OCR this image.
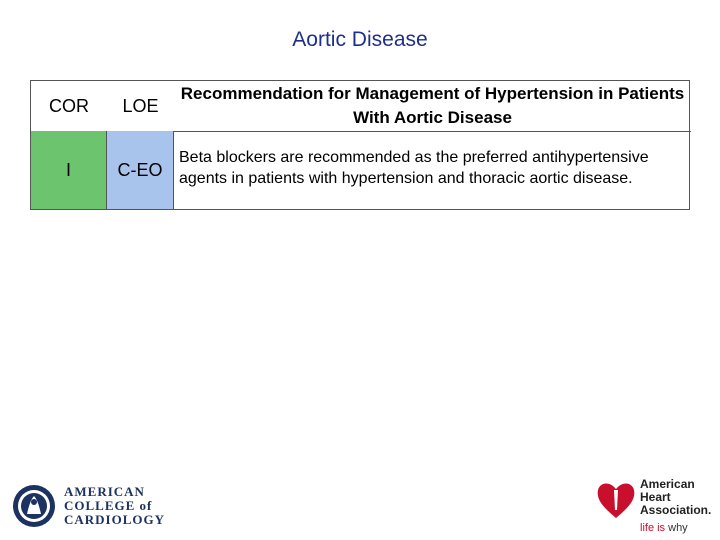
Aortic Disease
COR	LOE
Recommendation for Management of Hypertension in Patients With Aortic Disease
I	C-EO
Beta blockers are recommended as the preferred antihypertensive agents in patients with hypertension and thoracic aortic disease.
AMERICAN
COLLEGE of
CARDIOLOGY
American
Heart
Association.
life is why
